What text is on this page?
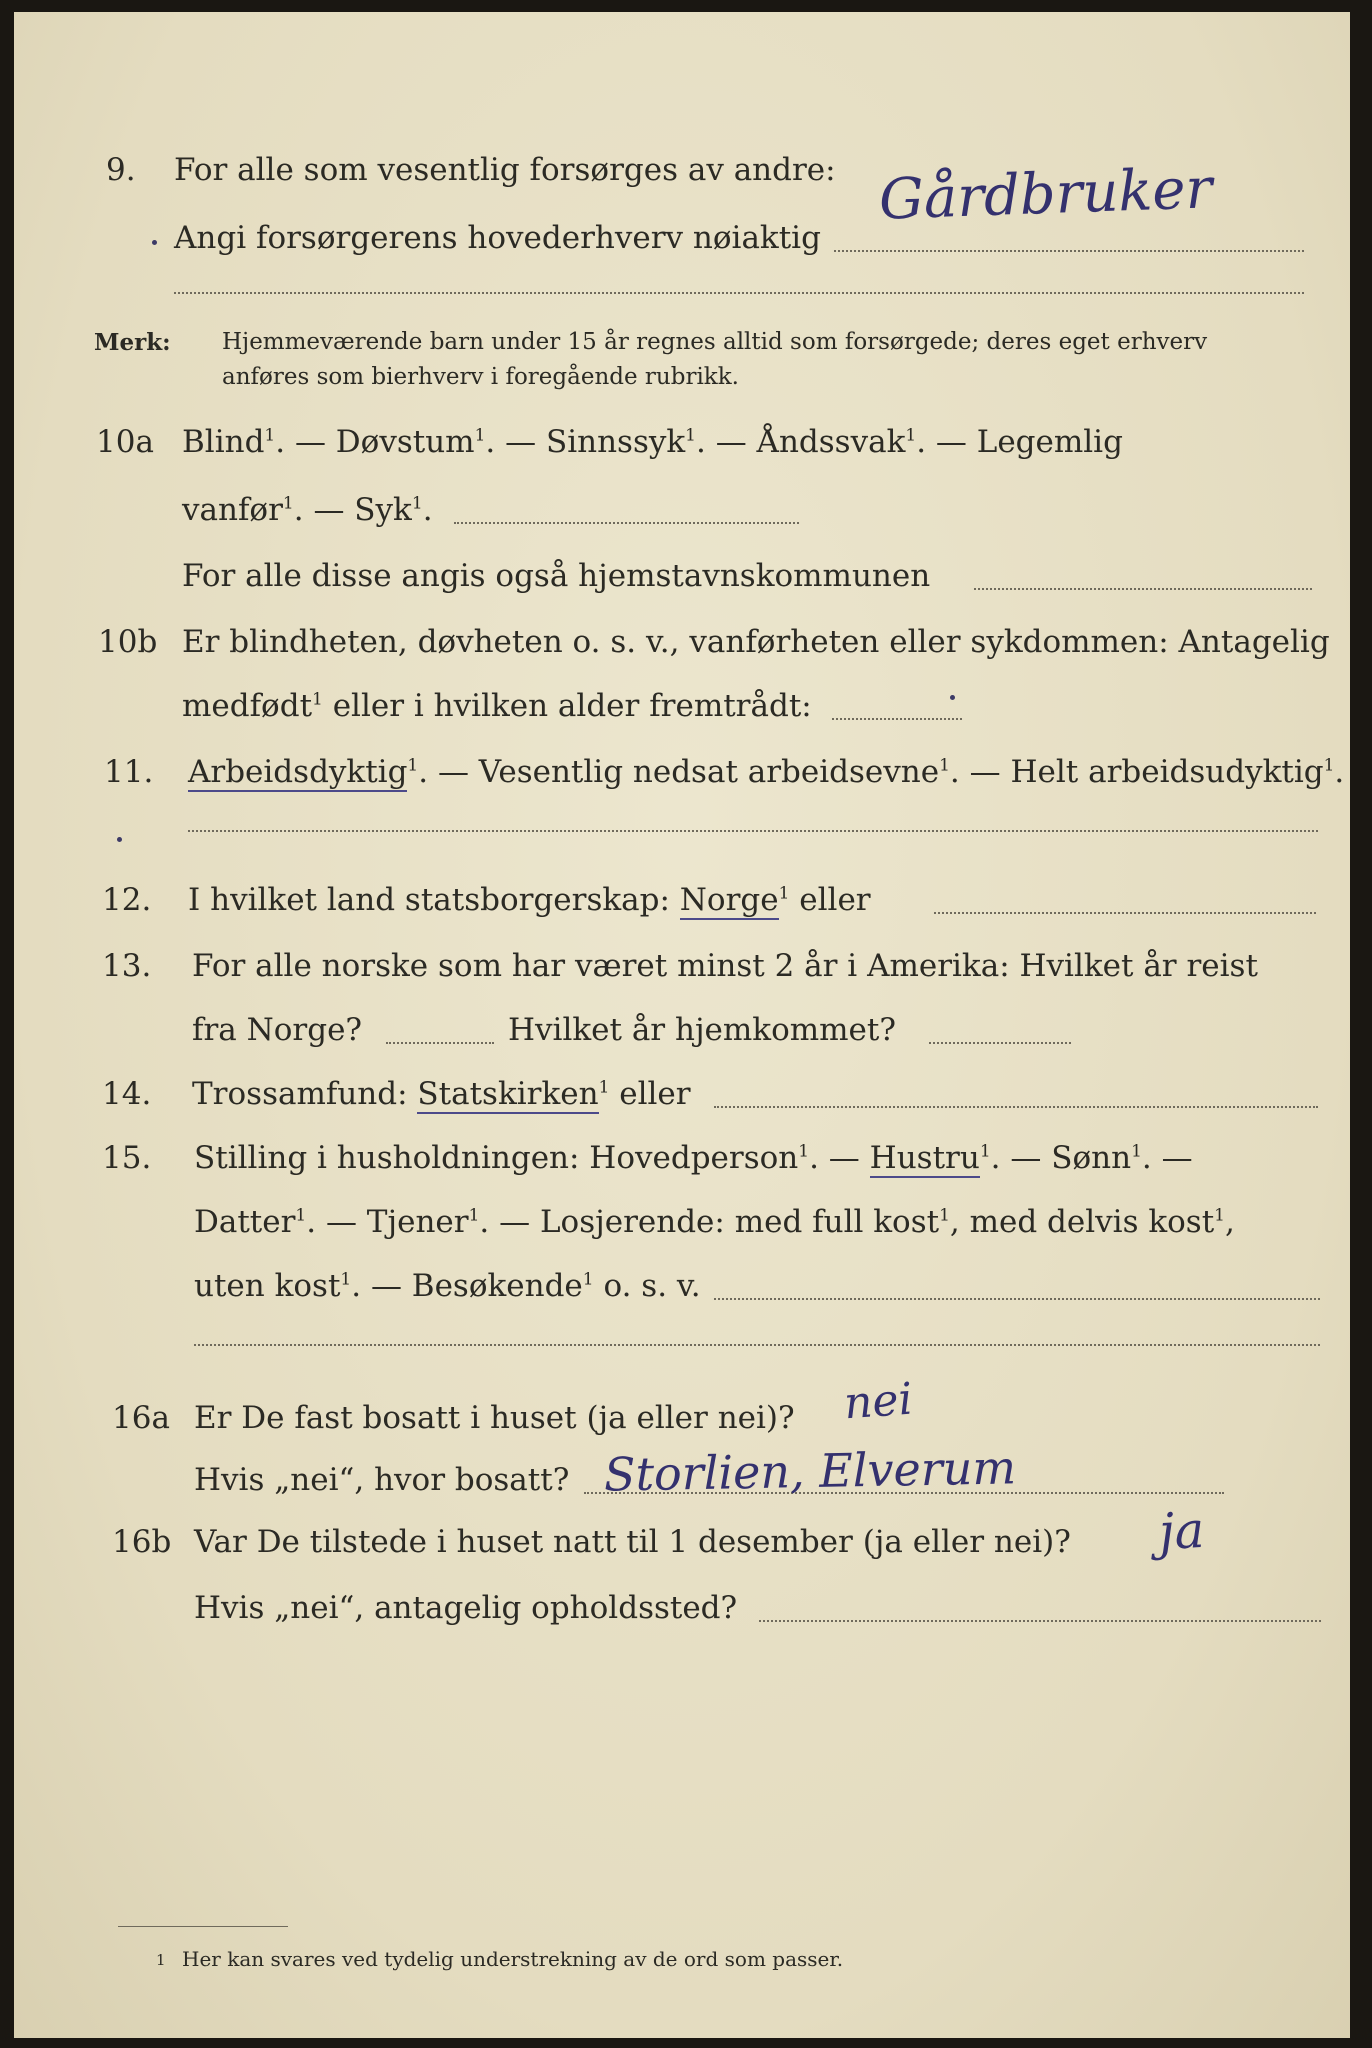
9. For alle som vesentlig forsørges av andre:
Angi forsørgerens hovederhverv nøiaktig
Gårdbruker
Merk: Hjemmeværende barn under 15 år regnes alltid som forsørgede; deres eget erhverv
anføres som bierhverv i foregående rubrikk.
10a Blind$^1$. — Døvstum$^1$. — Sinnssyk$^1$. — Åndssvak$^1$. — Legemlig
vanfør$^1$. — Syk$^1$.
For alle disse angis også hjemstavnskommunen
10b Er blindheten, døvheten o. s. v., vanførheten eller sykdommen: Antagelig
medfødt$^1$ eller i hvilken alder fremtrådt:
11. Arbeidsdyktig$^1$. — Vesentlig nedsat arbeidsevne$^1$. — Helt arbeidsudyktig$^1$.
12. I hvilket land statsborgerskap: Norge$^1$ eller
13. For alle norske som har været minst 2 år i Amerika: Hvilket år reist
fra Norge?	Hvilket år hjemkommet?
14. Trossamfund: Statskirken$^1$ eller
15. Stilling i husholdningen: Hovedperson$^1$. — Hustru$^1$. — Sønn$^1$. —
Datter$^1$. — Tjener$^1$. — Losjerende: med full kost$^1$, med delvis kost$^1$,
uten kost$^1$. — Besøkende$^1$ o. s. v.
16a Er De fast bosatt i huset (ja eller nei)? nei
Hvis „nei“, hvor bosatt? Storlien, Elverum
16b Var De tilstede i huset natt til 1 desember (ja eller nei)? ja
Hvis „nei“, antagelig opholdssted?
1 Her kan svares ved tydelig understrekning av de ord som passer.
